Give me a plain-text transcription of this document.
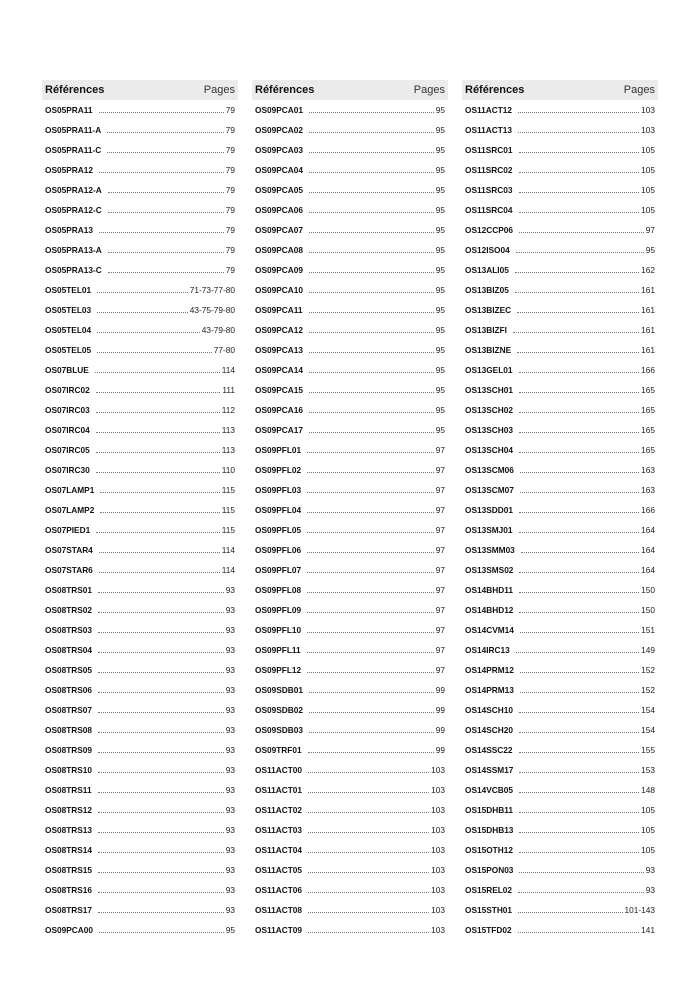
Références	Pages
OS05PRA11	79
OS05PRA11-A	79
OS05PRA11-C	79
OS05PRA12	79
OS05PRA12-A	79
OS05PRA12-C	79
OS05PRA13	79
OS05PRA13-A	79
OS05PRA13-C	79
OS05TEL01	71-73-77-80
OS05TEL03	43-75-79-80
OS05TEL04	43-79-80
OS05TEL05	77-80
OS07BLUE	114
OS07IRC02	111
OS07IRC03	112
OS07IRC04	113
OS07IRC05	113
OS07IRC30	110
OS07LAMP1	115
OS07LAMP2	115
OS07PIED1	115
OS07STAR4	114
OS07STAR6	114
OS08TRS01	93
OS08TRS02	93
OS08TRS03	93
OS08TRS04	93
OS08TRS05	93
OS08TRS06	93
OS08TRS07	93
OS08TRS08	93
OS08TRS09	93
OS08TRS10	93
OS08TRS11	93
OS08TRS12	93
OS08TRS13	93
OS08TRS14	93
OS08TRS15	93
OS08TRS16	93
OS08TRS17	93
OS09PCA00	95
Références	Pages
OS09PCA01	95
OS09PCA02	95
OS09PCA03	95
OS09PCA04	95
OS09PCA05	95
OS09PCA06	95
OS09PCA07	95
OS09PCA08	95
OS09PCA09	95
OS09PCA10	95
OS09PCA11	95
OS09PCA12	95
OS09PCA13	95
OS09PCA14	95
OS09PCA15	95
OS09PCA16	95
OS09PCA17	95
OS09PFL01	97
OS09PFL02	97
OS09PFL03	97
OS09PFL04	97
OS09PFL05	97
OS09PFL06	97
OS09PFL07	97
OS09PFL08	97
OS09PFL09	97
OS09PFL10	97
OS09PFL11	97
OS09PFL12	97
OS09SDB01	99
OS09SDB02	99
OS09SDB03	99
OS09TRF01	99
OS11ACT00	103
OS11ACT01	103
OS11ACT02	103
OS11ACT03	103
OS11ACT04	103
OS11ACT05	103
OS11ACT06	103
OS11ACT08	103
OS11ACT09	103
Références	Pages
OS11ACT12	103
OS11ACT13	103
OS11SRC01	105
OS11SRC02	105
OS11SRC03	105
OS11SRC04	105
OS12CCP06	97
OS12ISO04	95
OS13ALI05	162
OS13BIZ05	161
OS13BIZEC	161
OS13BIZFI	161
OS13BIZNE	161
OS13GEL01	166
OS13SCH01	165
OS13SCH02	165
OS13SCH03	165
OS13SCH04	165
OS13SCM06	163
OS13SCM07	163
OS13SDD01	166
OS13SMJ01	164
OS13SMM03	164
OS13SMS02	164
OS14BHD11	150
OS14BHD12	150
OS14CVM14	151
OS14IRC13	149
OS14PRM12	152
OS14PRM13	152
OS14SCH10	154
OS14SCH20	154
OS14SSC22	155
OS14SSM17	153
OS14VCB05	148
OS15DHB11	105
OS15DHB13	105
OS15OTH12	105
OS15PON03	93
OS15REL02	93
OS15STH01	101-143
OS15TFD02	141
